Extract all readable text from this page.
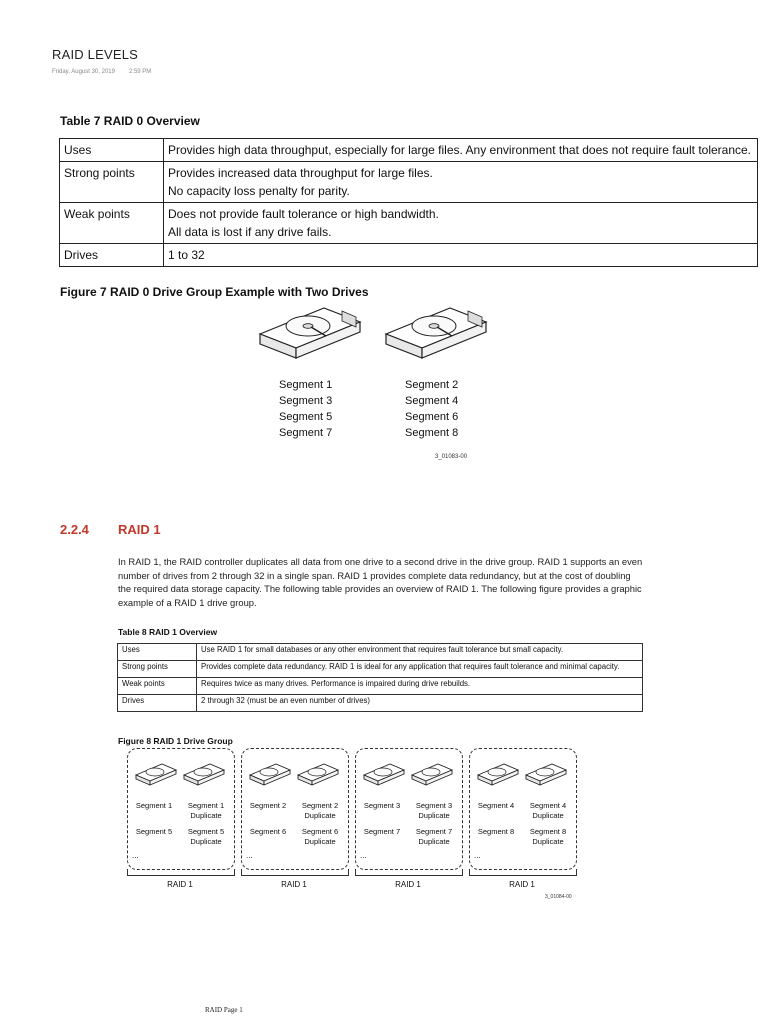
RAID LEVELS
Friday, August 30, 2019 2:59 PM
Table 7 RAID 0 Overview
Uses	Provides high data throughput, especially for large files. Any environment that does not require fault tolerance.

Strong points	Provides increased data throughput for large files.
No capacity loss penalty for parity.

Weak points	Does not provide fault tolerance or high bandwidth.
All data is lost if any drive fails.

Drives	1 to 32
Figure 7 RAID 0 Drive Group Example with Two Drives
Segment 1
Segment 3
Segment 5
Segment 7
Segment 2
Segment 4
Segment 6
Segment 8
3_01083-00
2.2.4 RAID 1
In RAID 1, the RAID controller duplicates all data from one drive to a second drive in the drive group. RAID 1 supports an even number of drives from 2 through 32 in a single span. RAID 1 provides complete data redundancy, but at the cost of doubling the required data storage capacity. The following table provides an overview of RAID 1. The following figure provides a graphic example of a RAID 1 drive group.
Table 8 RAID 1 Overview
Uses	Use RAID 1 for small databases or any other environment that requires fault tolerance but small capacity.
Strong points	Provides complete data redundancy. RAID 1 is ideal for any application that requires fault tolerance and minimal capacity.
Weak points	Requires twice as many drives. Performance is impaired during drive rebuilds.
Drives	2 through 32 (must be an even number of drives)
Figure 8 RAID 1 Drive Group
Segment 1	Segment 1
Duplicate
Segment 5	Segment 5
Duplicate
...
Segment 2	Segment 2
Duplicate
Segment 6	Segment 6
Duplicate
...
Segment 3	Segment 3
Duplicate
Segment 7	Segment 7
Duplicate
...
Segment 4	Segment 4
Duplicate
Segment 8	Segment 8
Duplicate
...
RAID 1	RAID 1	RAID 1	RAID 1
3_01084-00
RAID Page 1
